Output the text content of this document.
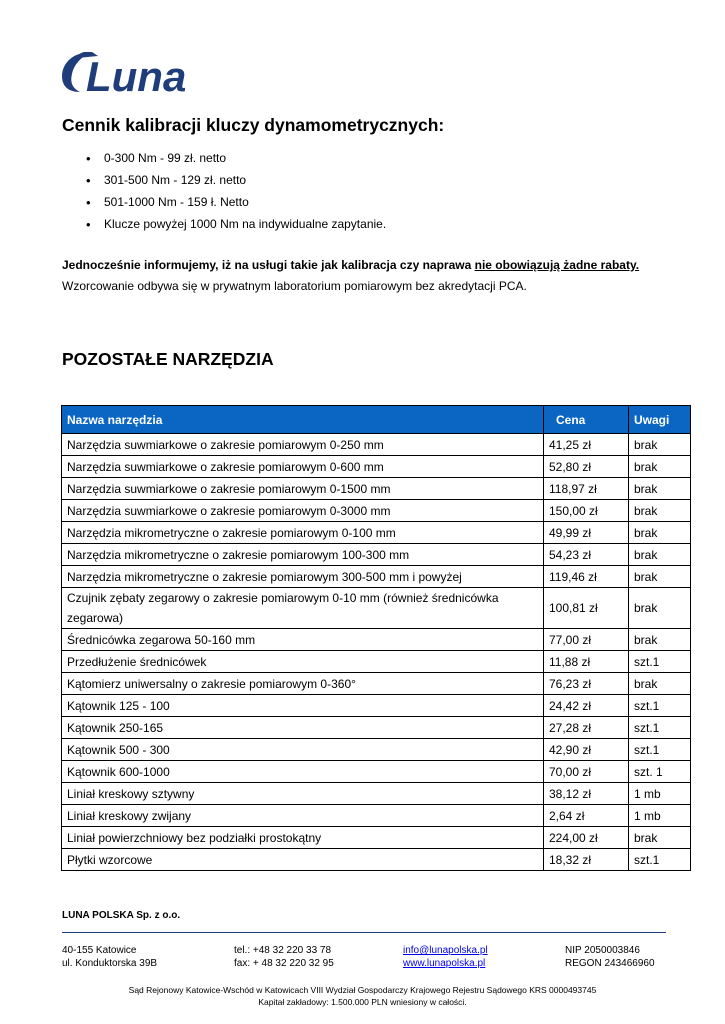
Luna
Cennik kalibracji kluczy dynamometrycznych:
• 0-300 Nm - 99 zł. netto
• 301-500 Nm - 129 zł. netto
• 501-1000 Nm - 159 ł. Netto
• Klucze powyżej 1000 Nm na indywidualne zapytanie.
Jednocześnie informujemy, iż na usługi takie jak kalibracja czy naprawa nie obowiązują żadne rabaty.
Wzorcowanie odbywa się w prywatnym laboratorium pomiarowym bez akredytacji PCA.
POZOSTAŁE NARZĘDZIA
Nazwa narzędzia	Cena	Uwagi
Narzędzia suwmiarkowe o zakresie pomiarowym 0-250 mm	41,25 zł	brak
Narzędzia suwmiarkowe o zakresie pomiarowym 0-600 mm	52,80 zł	brak
Narzędzia suwmiarkowe o zakresie pomiarowym 0-1500 mm	118,97 zł	brak
Narzędzia suwmiarkowe o zakresie pomiarowym 0-3000 mm	150,00 zł	brak
Narzędzia mikrometryczne o zakresie pomiarowym 0-100 mm	49,99 zł	brak
Narzędzia mikrometryczne o zakresie pomiarowym 100-300 mm	54,23 zł	brak
Narzędzia mikrometryczne o zakresie pomiarowym 300-500 mm i powyżej	119,46 zł	brak
Czujnik zębaty zegarowy o zakresie pomiarowym 0-10 mm (również średnicówka zegarowa)	100,81 zł	brak
Średnicówka zegarowa 50-160 mm	77,00 zł	brak
Przedłużenie średnicówek	11,88 zł	szt.1
Kątomierz uniwersalny o zakresie pomiarowym 0-360°	76,23 zł	brak
Kątownik 125 - 100	24,42 zł	szt.1
Kątownik 250-165	27,28 zł	szt.1
Kątownik 500 - 300	42,90 zł	szt.1
Kątownik 600-1000	70,00 zł	szt. 1
Liniał kreskowy sztywny	38,12 zł	1 mb
Liniał kreskowy zwijany	2,64 zł	1 mb
Liniał powierzchniowy bez podziałki prostokątny	224,00 zł	brak
Płytki wzorcowe	18,32 zł	szt.1
LUNA POLSKA Sp. z o.o.
40-155 Katowice
ul. Konduktorska 39B
tel.: +48 32 220 33 78
fax: + 48 32 220 32 95
info@lunapolska.pl
www.lunapolska.pl
NIP 2050003846
REGON 243466960
Sąd Rejonowy Katowice-Wschód w Katowicach VIII Wydział Gospodarczy Krajowego Rejestru Sądowego KRS 0000493745
Kapitał zakładowy: 1.500.000 PLN wniesiony w całości.
